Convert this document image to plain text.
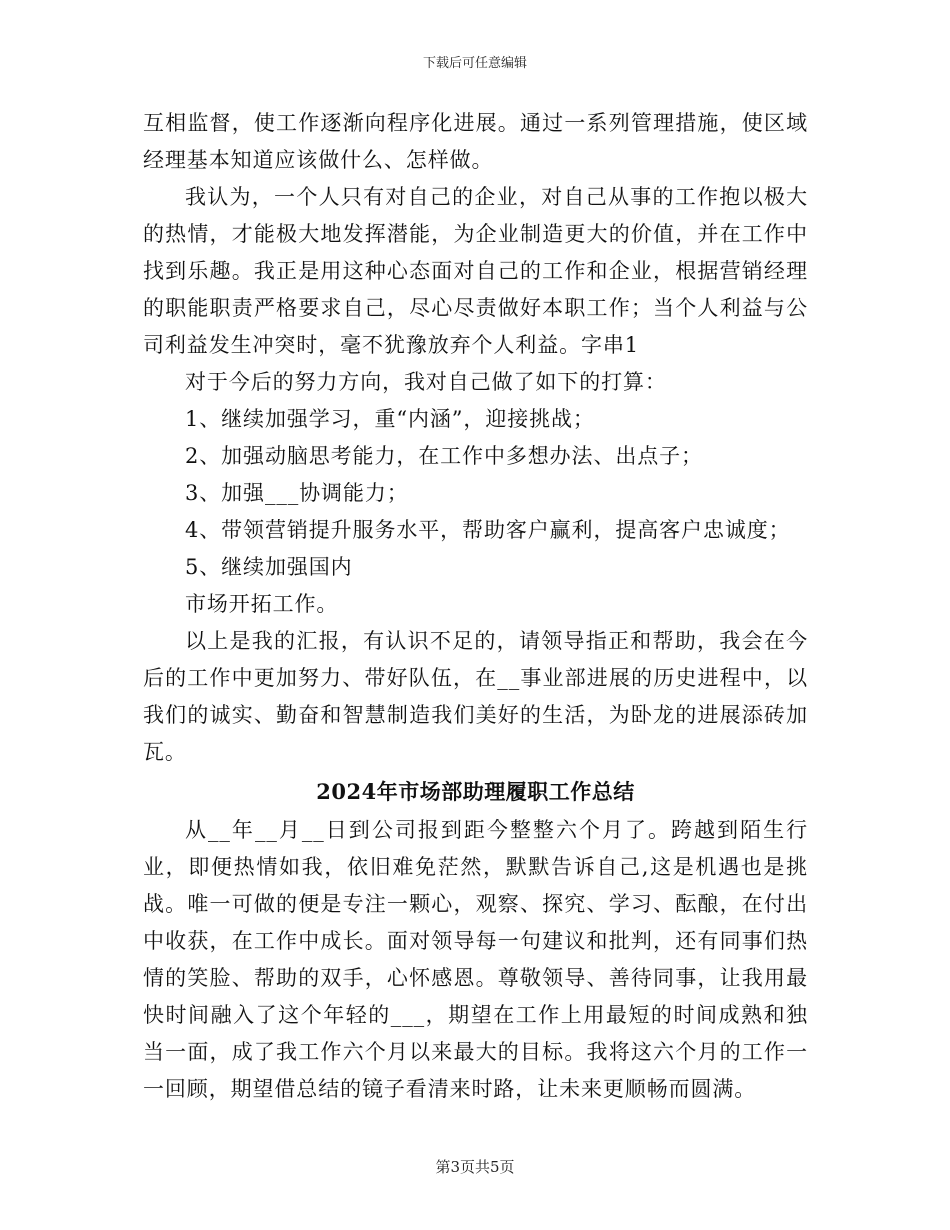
下载后可任意编辑

互相监督，使工作逐渐向程序化进展。通过一系列管理措施，使区域经理基本知道应该做什么、怎样做。

我认为，一个人只有对自己的企业，对自己从事的工作抱以极大的热情，才能极大地发挥潜能，为企业制造更大的价值，并在工作中找到乐趣。我正是用这种心态面对自己的工作和企业，根据营销经理的职能职责严格要求自己，尽心尽责做好本职工作；当个人利益与公司利益发生冲突时，毫不犹豫放弃个人利益。字串1

对于今后的努力方向，我对自己做了如下的打算：

1、继续加强学习，重“内涵”，迎接挑战；

2、加强动脑思考能力，在工作中多想办法、出点子；

3、加强___协调能力；

4、带领营销提升服务水平，帮助客户赢利，提高客户忠诚度；

5、继续加强国内

市场开拓工作。

以上是我的汇报，有认识不足的，请领导指正和帮助，我会在今后的工作中更加努力、带好队伍，在__事业部进展的历史进程中，以我们的诚实、勤奋和智慧制造我们美好的生活，为卧龙的进展添砖加瓦。

2024年市场部助理履职工作总结

从__年__月__日到公司报到距今整整六个月了。跨越到陌生行业，即便热情如我，依旧难免茫然，默默告诉自己,这是机遇也是挑战。唯一可做的便是专注一颗心，观察、探究、学习、酝酿，在付出中收获，在工作中成长。面对领导每一句建议和批判，还有同事们热情的笑脸、帮助的双手，心怀感恩。尊敬领导、善待同事，让我用最快时间融入了这个年轻的___，期望在工作上用最短的时间成熟和独当一面，成了我工作六个月以来最大的目标。我将这六个月的工作一一回顾，期望借总结的镜子看清来时路，让未来更顺畅而圆满。

第3页共5页
